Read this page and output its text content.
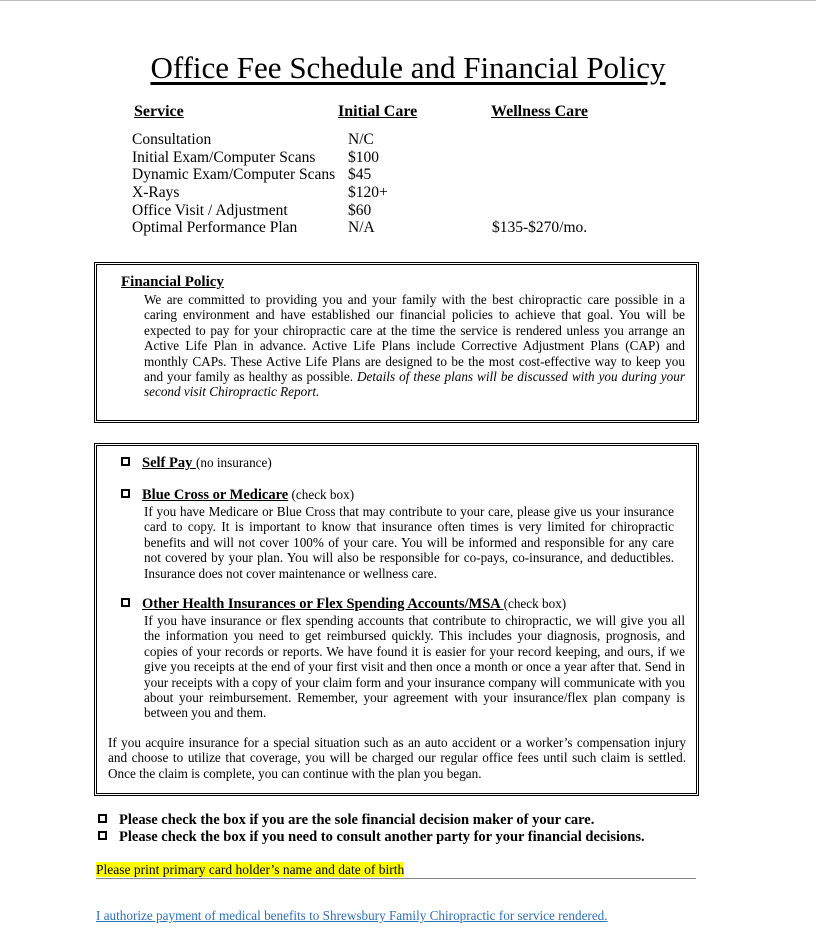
Office Fee Schedule and Financial Policy
Service	Initial Care	Wellness Care
Consultation	N/C
Initial Exam/Computer Scans $100
Dynamic Exam/Computer Scans $45
X-Rays	$120+
Office Visit / Adjustment	$60
Optimal Performance Plan	N/A	$135-$270/mo.
Financial Policy
We are committed to providing you and your family with the best chiropractic care possible in a caring environment and have established our financial policies to achieve that goal. You will be expected to pay for your chiropractic care at the time the service is rendered unless you arrange an Active Life Plan in advance. Active Life Plans include Corrective Adjustment Plans (CAP) and monthly CAPs. These Active Life Plans are designed to be the most cost-effective way to keep you and your family as healthy as possible. Details of these plans will be discussed with you during your second visit Chiropractic Report.
Self Pay (no insurance)
Blue Cross or Medicare (check box)
If you have Medicare or Blue Cross that may contribute to your care, please give us your insurance card to copy. It is important to know that insurance often times is very limited for chiropractic benefits and will not cover 100% of your care. You will be informed and responsible for any care not covered by your plan. You will also be responsible for co-pays, co-insurance, and deductibles. Insurance does not cover maintenance or wellness care.
Other Health Insurances or Flex Spending Accounts/MSA (check box)
If you have insurance or flex spending accounts that contribute to chiropractic, we will give you all the information you need to get reimbursed quickly. This includes your diagnosis, prognosis, and copies of your records or reports. We have found it is easier for your record keeping, and ours, if we give you receipts at the end of your first visit and then once a month or once a year after that. Send in your receipts with a copy of your claim form and your insurance company will communicate with you about your reimbursement. Remember, your agreement with your insurance/flex plan company is between you and them.
If you acquire insurance for a special situation such as an auto accident or a worker’s compensation injury and choose to utilize that coverage, you will be charged our regular office fees until such claim is settled. Once the claim is complete, you can continue with the plan you began.
Please check the box if you are the sole financial decision maker of your care.
Please check the box if you need to consult another party for your financial decisions.
Please print primary card holder’s name and date of birth
I authorize payment of medical benefits to Shrewsbury Family Chiropractic for service rendered.
